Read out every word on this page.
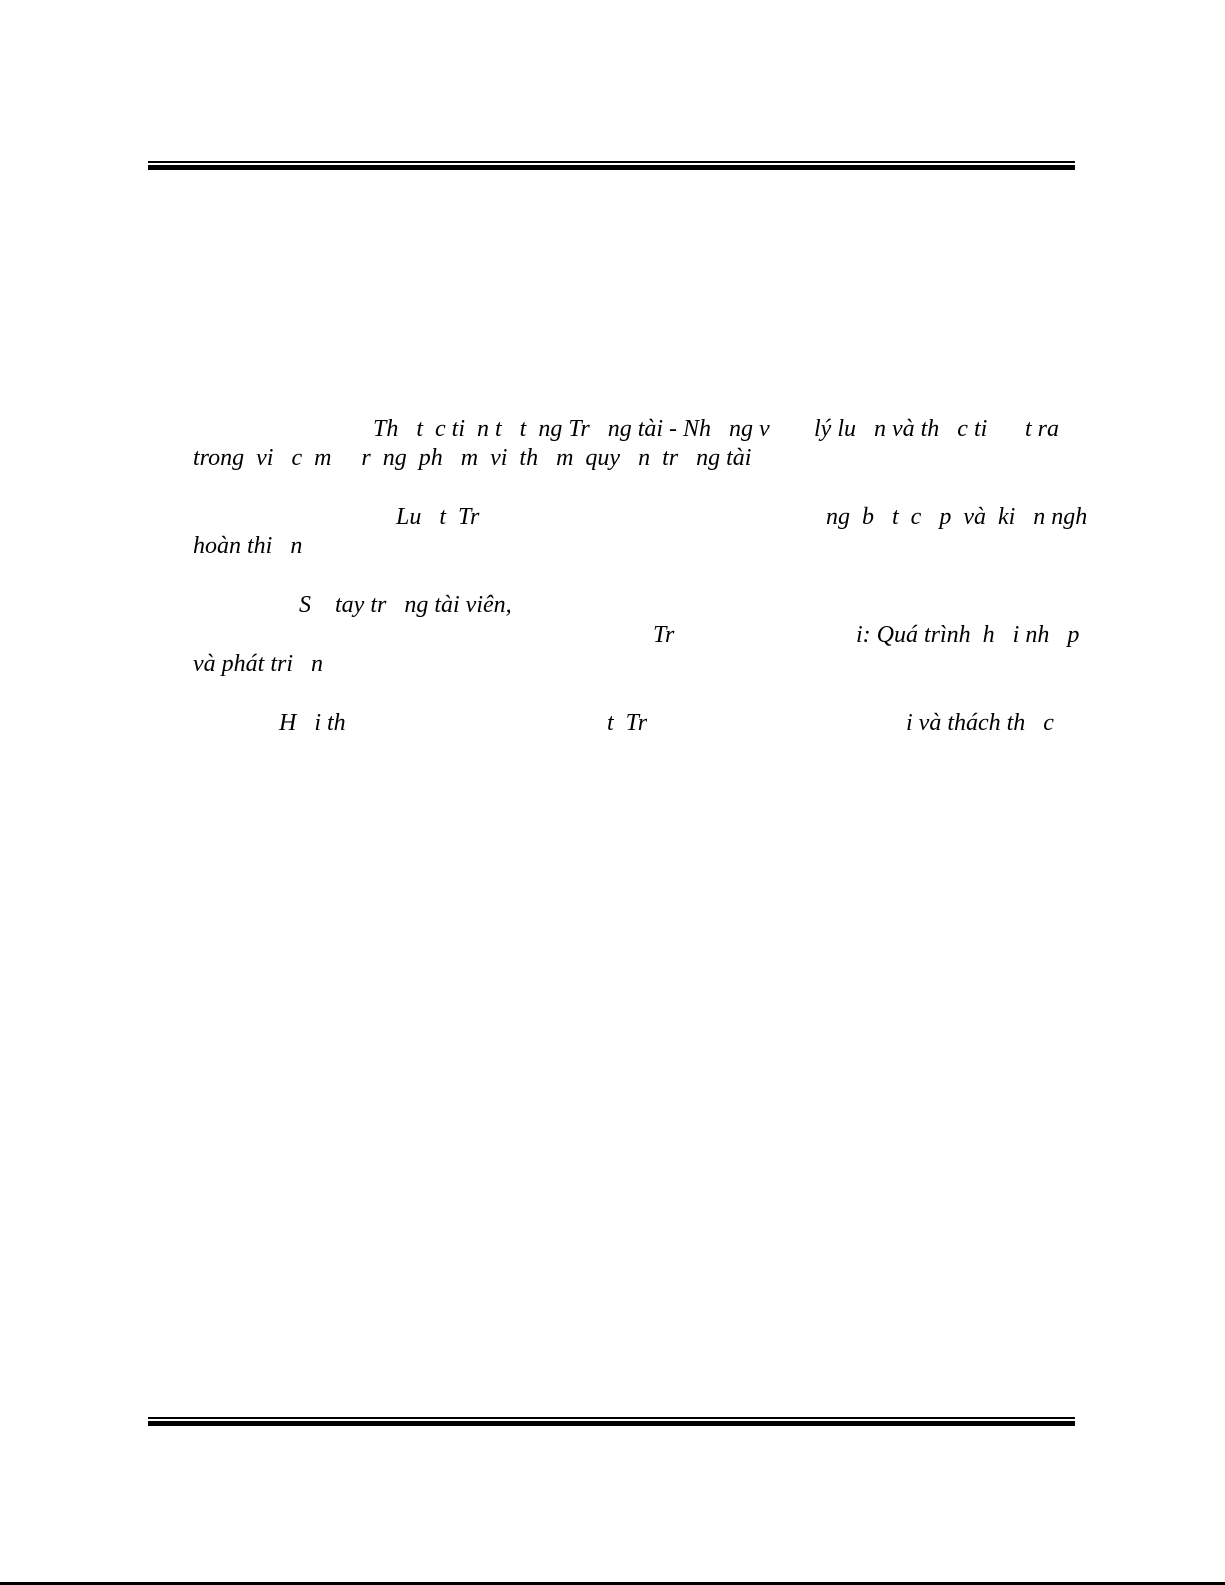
Th   t  c ti  n t   t  ng Tr   ng tài - Nh   ng v lý lu   n và th   c ti t ra
trong  vi   c  m     r  ng  ph   m  vi  th   m  quy   n  tr   ng tài
Lu   t  Tr	ng  b   t  c   p  và  ki   n ngh
hoàn thi   n
S    tay tr   ng tài viên,
Tr	i: Quá trình  h   i nh   p
và phát tri   n
H   i th	t  Tr	i và thách th   c
